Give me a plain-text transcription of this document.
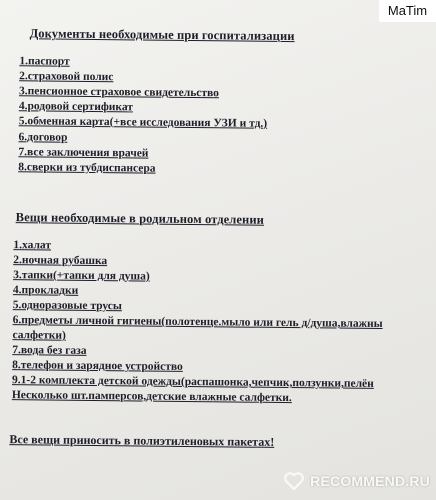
Документы необходимые при госпитализации
1.паспорт
2.страховой полис
3.пенсионное страховое свидетельство
4.родовой сертификат
5.обменная карта(+все исследования УЗИ и тд.)
6.договор
7.все заключения врачей
8.сверки из тубдиспансера
Вещи необходимые в родильном отделении
1.халат
2.ночная рубашка
3.тапки(+тапки для душа)
4.прокладки
5.одноразовые трусы
6.предметы личной гигиены(полотенце.мыло или гель д/душа,влажны
салфетки)
7.вода без газа
8.телефон и зарядное устройство
9.1-2 комплекта детской одежды(распашонка,чепчик,ползунки,пелён
Несколько шт.памперсов,детские влажные салфетки.
Все вещи приносить в полиэтиленовых пакетах!
MaTim
RECOMMEND.RU
